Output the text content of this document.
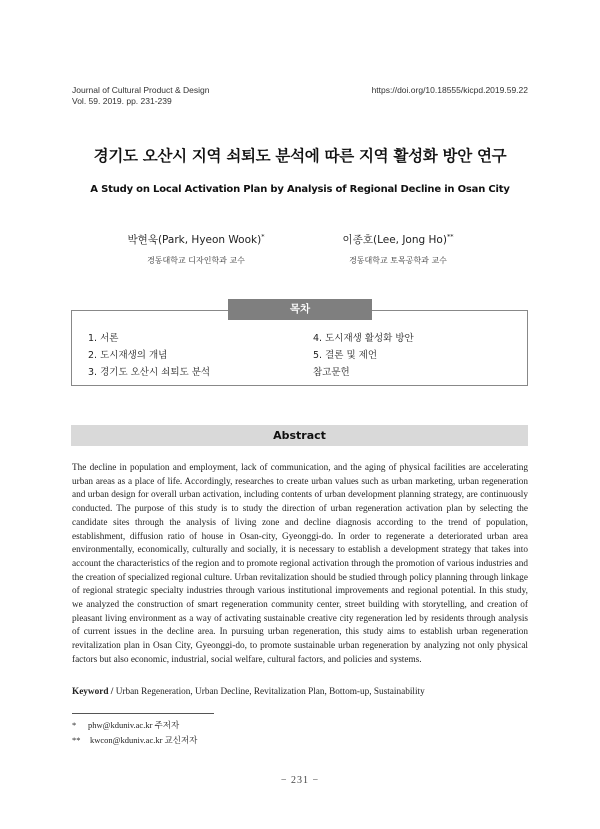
Journal of Cultural Product & Design
Vol. 59. 2019. pp. 231-239
https://doi.org/10.18555/kicpd.2019.59.22
경기도 오산시 지역 쇠퇴도 분석에 따른 지역 활성화 방안 연구
A Study on Local Activation Plan by Analysis of Regional Decline in Osan City
박현욱(Park, Hyeon Wook)*
경동대학교 디자인학과 교수
이종호(Lee, Jong Ho)**
경동대학교 토목공학과 교수
목차
1. 서론
2. 도시재생의 개념
3. 경기도 오산시 쇠퇴도 분석
4. 도시재생 활성화 방안
5. 결론 및 제언
참고문헌
Abstract
The decline in population and employment, lack of communication, and the aging of physical facilities are accelerating urban areas as a place of life. Accordingly, researches to create urban values such as urban marketing, urban regeneration and urban design for overall urban activation, including contents of urban development planning strategy, are continuously conducted. The purpose of this study is to study the direction of urban regeneration activation plan by selecting the candidate sites through the analysis of living zone and decline diagnosis according to the trend of population, establishment, diffusion ratio of house in Osan-city, Gyeonggi-do. In order to regenerate a deteriorated urban area environmentally, economically, culturally and socially, it is necessary to establish a development strategy that takes into account the characteristics of the region and to promote regional activation through the promotion of various industries and the creation of specialized regional culture. Urban revitalization should be studied through policy planning through linkage of regional strategic specialty industries through various institutional improvements and regional potential. In this study, we analyzed the construction of smart regeneration community center, street building with storytelling, and creation of pleasant living environment as a way of activating sustainable creative city regeneration led by residents through analysis of current issues in the decline area. In pursuing urban regeneration, this study aims to establish urban regeneration revitalization plan in Osan City, Gyeonggi-do, to promote sustainable urban regeneration by analyzing not only physical factors but also economic, industrial, social welfare, cultural factors, and policies and systems.
Keyword / Urban Regeneration, Urban Decline, Revitalization Plan, Bottom-up, Sustainability
* phw@kduniv.ac.kr 주저자
** kwcon@kduniv.ac.kr 교신저자
− 231 −
